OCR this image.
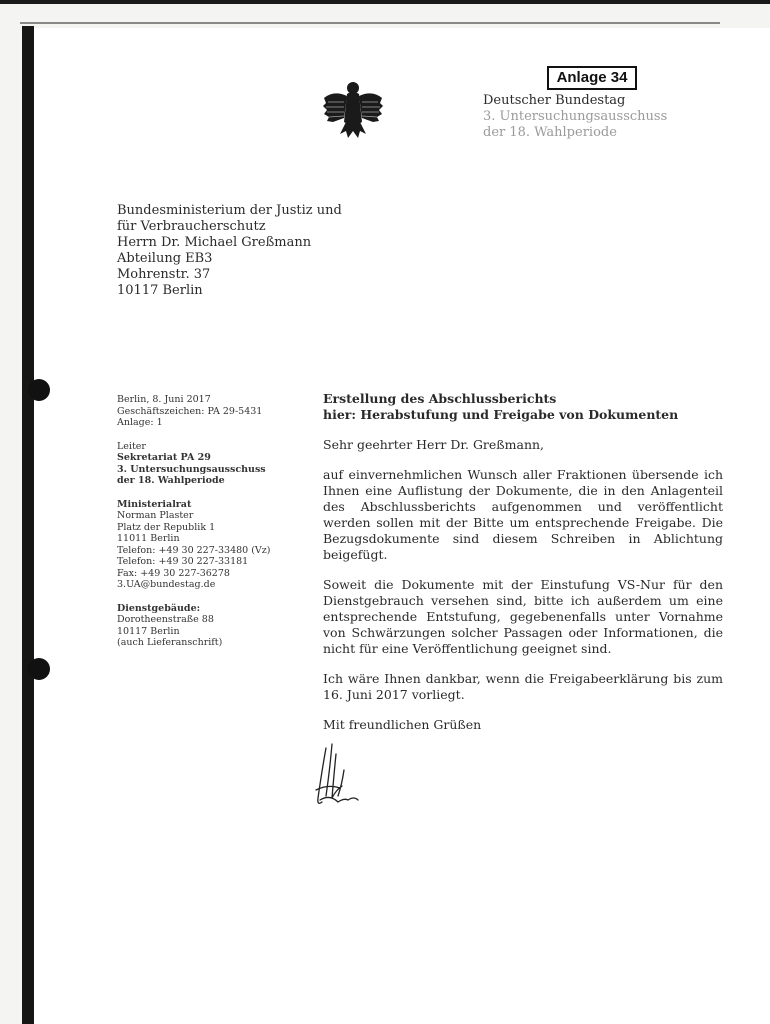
Anlage 34
Deutscher Bundestag
3. Untersuchungsausschuss
der 18. Wahlperiode
Bundesministerium der Justiz und
für Verbraucherschutz
Herrn Dr. Michael Greßmann
Abteilung EB3
Mohrenstr. 37
10117 Berlin
Berlin, 8. Juni 2017
Geschäftszeichen: PA 29-5431
Anlage: 1
Leiter
Sekretariat PA 29
3. Untersuchungsausschuss
der 18. Wahlperiode
Ministerialrat
Norman Plaster
Platz der Republik 1
11011 Berlin
Telefon: +49 30 227-33480 (Vz)
Telefon: +49 30 227-33181
Fax: +49 30 227-36278
3.UA@bundestag.de
Dienstgebäude:
Dorotheenstraße 88
10117 Berlin
(auch Lieferanschrift)
Erstellung des Abschlussberichts
hier: Herabstufung und Freigabe von Dokumenten
Sehr geehrter Herr Dr. Greßmann,

auf einvernehmlichen Wunsch aller Fraktionen übersende ich Ihnen eine Auflistung der Dokumente, die in den Anlagenteil des Abschlussberichts aufgenommen und veröffentlicht werden sollen mit der Bitte um entsprechende Freigabe. Die Bezugsdokumente sind diesem Schreiben in Ablichtung beigefügt.

Soweit die Dokumente mit der Einstufung VS-Nur für den Dienstgebrauch versehen sind, bitte ich außerdem um eine entsprechende Entstufung, gegebenenfalls unter Vornahme von Schwärzungen solcher Passagen oder Informationen, die nicht für eine Veröffentlichung geeignet sind.

Ich wäre Ihnen dankbar, wenn die Freigabeerklärung bis zum 16. Juni 2017 vorliegt.

Mit freundlichen Grüßen
